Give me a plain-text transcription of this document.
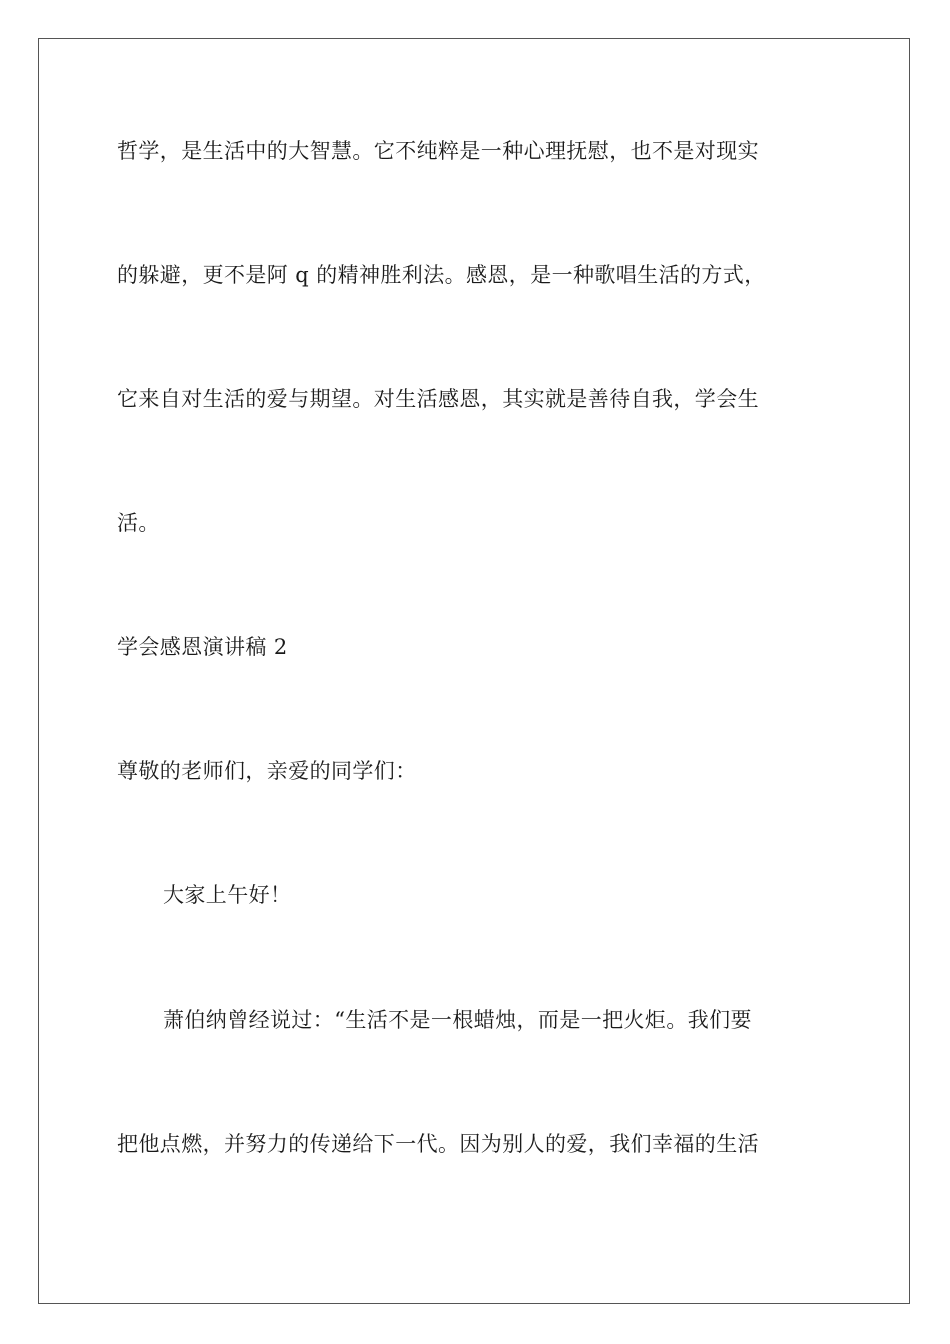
哲学，是生活中的大智慧。它不纯粹是一种心理抚慰，也不是对现实
的躲避，更不是阿 q 的精神胜利法。感恩，是一种歌唱生活的方式，
它来自对生活的爱与期望。对生活感恩，其实就是善待自我，学会生
活。
学会感恩演讲稿 2
尊敬的老师们，亲爱的同学们：
大家上午好！
萧伯纳曾经说过：“生活不是一根蜡烛，而是一把火炬。我们要
把他点燃，并努力的传递给下一代。因为别人的爱，我们幸福的生活
